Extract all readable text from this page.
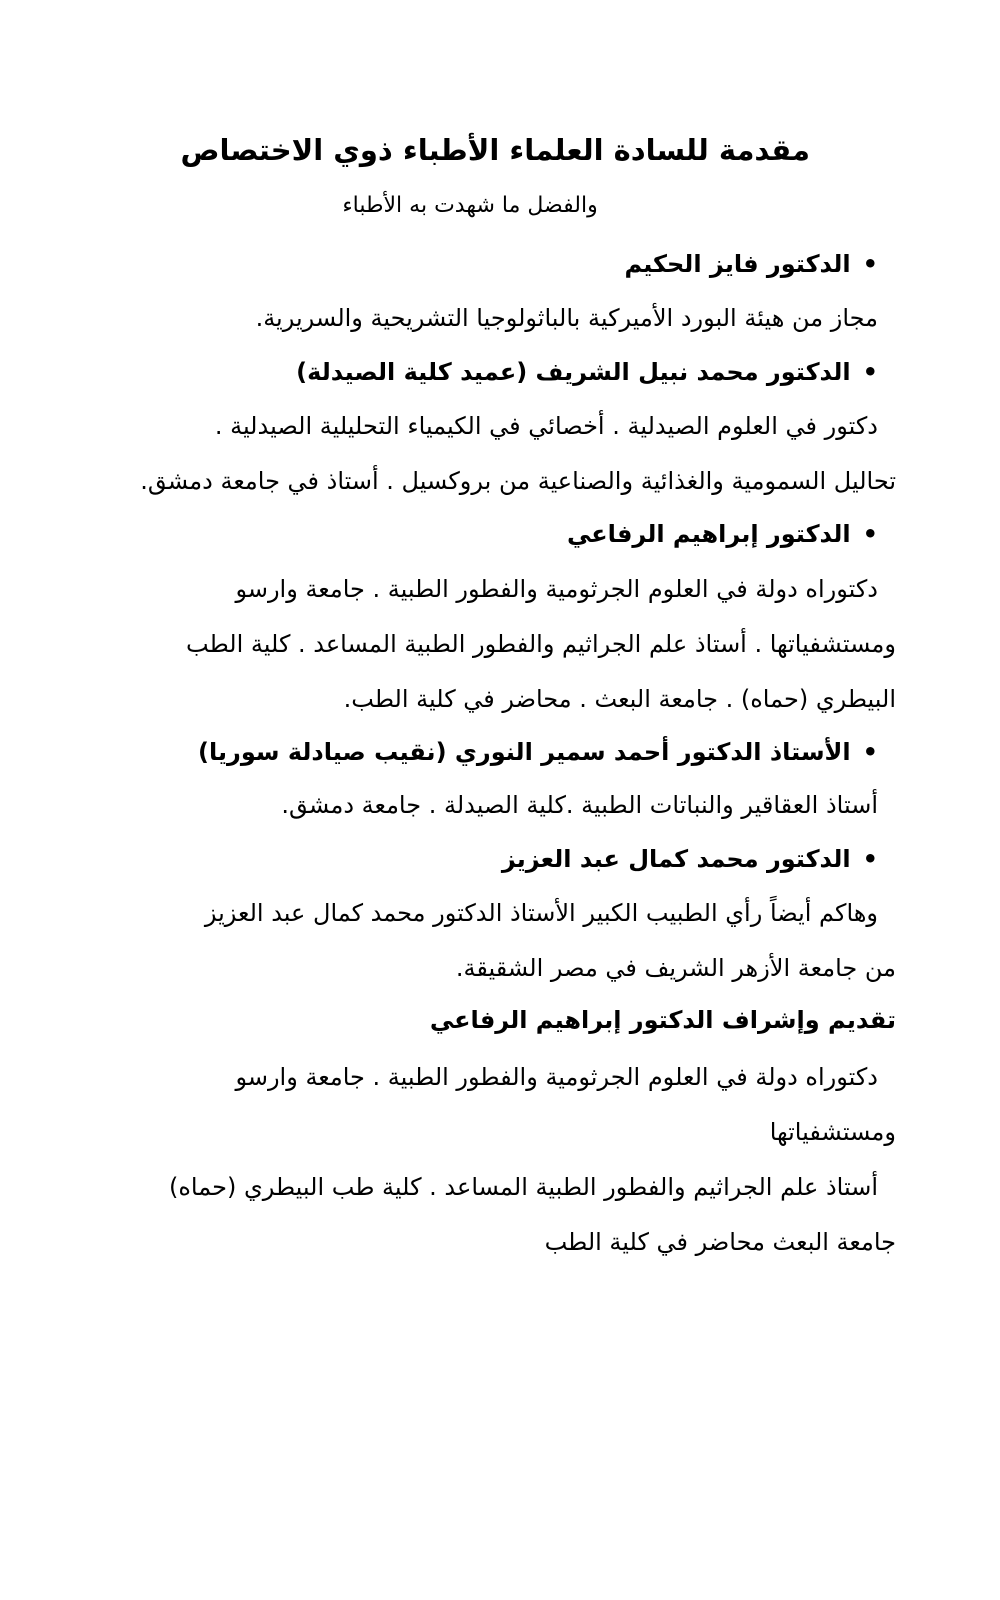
مقدمة للسادة العلماء الأطباء ذوي الاختصاص
والفضل ما شهدت به الأطباء
•الدكتور فايز الحكيم
مجاز من هيئة البورد الأميركية بالباثولوجيا التشريحية والسريرية.
•الدكتور محمد نبيل الشريف (عميد كلية الصيدلة)
دكتور في العلوم الصيدلية . أخصائي في الكيمياء التحليلية الصيدلية .
تحاليل السمومية والغذائية والصناعية من بروكسيل . أستاذ في جامعة دمشق.
•الدكتور إبراهيم الرفاعي
دكتوراه دولة في العلوم الجرثومية والفطور الطبية . جامعة وارسو
ومستشفياتها . أستاذ علم الجراثيم والفطور الطبية المساعد . كلية الطب
البيطري (حماه) . جامعة البعث . محاضر في كلية الطب.
•الأستاذ الدكتور أحمد سمير النوري (نقيب صيادلة سوريا)
أستاذ العقاقير والنباتات الطبية .كلية الصيدلة . جامعة دمشق.
•الدكتور محمد كمال عبد العزيز
وهاكم أيضاً رأي الطبيب الكبير الأستاذ الدكتور محمد كمال عبد العزيز
من جامعة الأزهر الشريف في مصر الشقيقة.
تقديم وإشراف الدكتور إبراهيم الرفاعي
دكتوراه دولة في العلوم الجرثومية والفطور الطبية . جامعة وارسو
ومستشفياتها
أستاذ علم الجراثيم والفطور الطبية المساعد . كلية طب البيطري (حماه)
جامعة البعث محاضر في كلية الطب
